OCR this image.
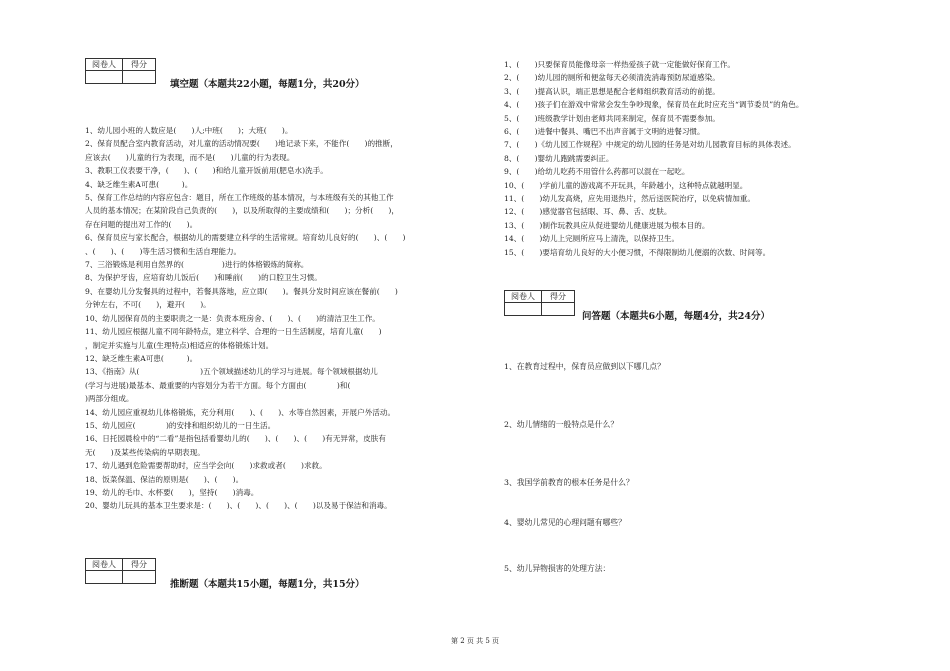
阅卷人	得分

填空题（本题共22小题，每题1分，共20分）
1、幼儿园小班的人数应是(　　)人;中班(　　)；大班(　　)。
2、保育员配合室内教育活动，对儿童的活动情况要(　　)地记录下来，不能作(　　)的推断，
应该去(　　)儿童的行为表现，而不是(　　)儿童的行为表现。
3、教职工仪表要干净，(　　)、(　　)和给儿童开饭前用(肥皂水)洗手。
4、缺乏维生素A可患(　　　)。
5、保育工作总结的内容应包含：题目，所在工作班级的基本情况，与本班级有关的其他工作
人员的基本情况；在某阶段自己负责的(　　)，以及所取得的主要成绩和(　　)；分析(　　)，
存在问题的提出对工作的(　　)。
6、保育员应与家长配合，根据幼儿的需要建立科学的生活常规。培育幼儿良好的(　　)、(　　)
、(　　)、(　　)等生活习惯和生活自理能力。
7、三浴锻炼是利用自然界的(　　　　　)进行的体格锻炼的简称。
8、为保护牙齿，应培育幼儿饭后(　　)和睡前(　　)的口腔卫生习惯。
9、在婴幼儿分发餐具的过程中，若餐具落地，应立即(　　)。餐具分发时间应该在餐前(　　)
分钟左右，不可(　　)，避开(　　)。
10、幼儿园保育员的主要职责之一是：负责本班房舍、(　　)、(　　)的清洁卫生工作。
11、幼儿园应根据儿童不同年龄特点，建立科学、合理的一日生活制度，培育儿童(　　)
，制定并实施与儿童(生理特点)相适应的体格锻炼计划。
12、缺乏维生素A可患(　　　)。
13、《指南》从(　　　　　　　　)五个领域描述幼儿的学习与进展。每个领域根据幼儿
(学习与进展)最基本、最重要的内容划分为若干方面。每个方面由(　　　　)和(
)两部分组成。
14、幼儿园应重视幼儿体格锻炼，充分利用(　　)、(　　)、水等自然因素，开展户外活动。
15、幼儿园应(　　　　)的安排和组织幼儿的一日生活。
16、日托园晨检中的“二看”是指包括看婴幼儿的(　　)、(　　)、(　　)有无异常，皮肤有
无(　　)及某些传染病的早期表现。
17、幼儿遇到危险需要帮助时，应当学会向(　　)求救或者(　　)求救。
18、饭菜保温、保洁的原则是(　　)、(　　)。
19、幼儿的毛巾、水杯要(　　)，坚持(　　)消毒。
20、婴幼儿玩具的基本卫生要求是：(　　)、(　　)、(　　)、(　　)以及易于保洁和消毒。
阅卷人	得分

推断题（本题共15小题，每题1分，共15分）
1、(　　)只要保育员能像母亲一样热爱孩子就一定能做好保育工作。
2、(　　)幼儿园的厕所和便盆每天必须清洗消毒预防尿道感染。
3、(　　)提高认识，端正思想是配合老师组织教育活动的前提。
4、(　　)孩子们在游戏中常常会发生争吵现象，保育员在此时应充当“调节委员”的角色。
5、(　　)班级教学计划由老师共同来制定，保育员不需要参加。
6、(　　)进餐中餐具、嘴巴不出声音属于文明的进餐习惯。
7、(　　)《幼儿园工作规程》中规定的幼儿园的任务是对幼儿园教育目标的具体表述。
8、(　　)婴幼儿跑跳需要纠正。
9、(　　)给幼儿吃药不用管什么药都可以混在一起吃。
10、(　　)学前儿童的游戏离不开玩具，年龄越小，这种特点就越明显。
11、(　　)幼儿发高烧，应先用退热片，然后送医院治疗，以免病情加重。
12、(　　)感觉器官包括眼、耳、鼻、舌、皮肤。
13、(　　)制作玩教具应从促进婴幼儿健康进展为根本目的。
14、(　　)幼儿上完厕所应马上清洗，以保持卫生。
15、(　　)要培育幼儿良好的大小便习惯，不得限制幼儿便溺的次数、时间等。
阅卷人	得分

问答题（本题共6小题，每题4分，共24分）
1、在教育过程中，保育员应做到以下哪几点？
2、幼儿情绪的一般特点是什么？
3、我国学前教育的根本任务是什么？
4、婴幼儿常见的心理问题有哪些？
5、幼儿异物损害的处理方法：
第 2 页 共 5 页
